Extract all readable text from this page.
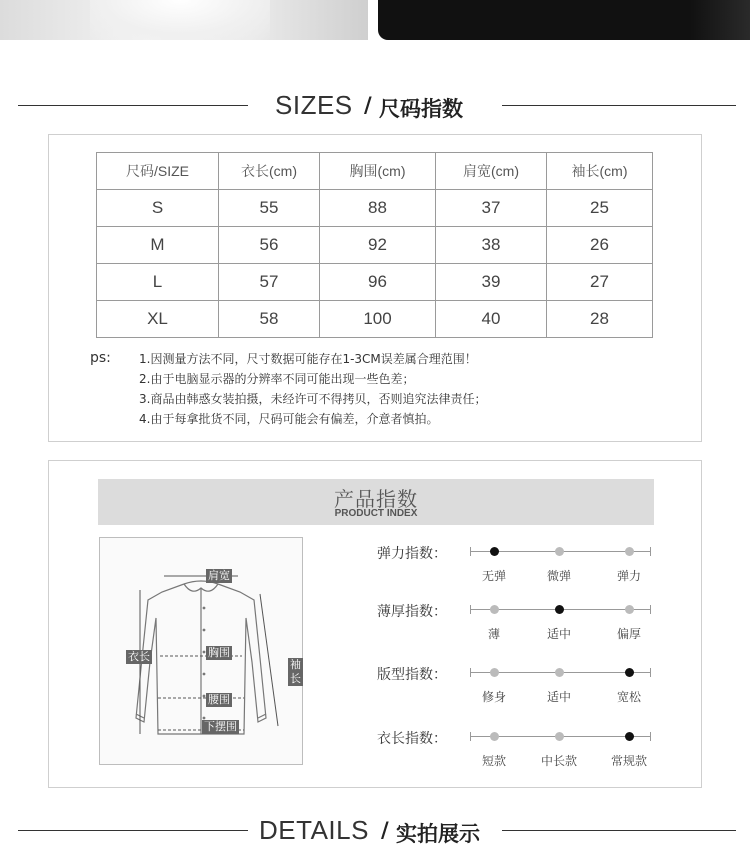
SIZES / 尺码指数
尺码/SIZE	衣长(cm)	胸围(cm)	肩宽(cm)	袖长(cm)
S	55	88	37	25
M	56	92	38	26
L	57	96	39	27
XL	58	100	40	28
ps: 1.因测量方法不同，尺寸数据可能存在1-3CM误差属合理范围！
2.由于电脑显示器的分辨率不同可能出现一些色差；
3.商品由韩惑女装拍摄，未经许可不得拷贝，否则追究法律责任；
4.由于每拿批货不同，尺码可能会有偏差，介意者慎拍。
产品指数
PRODUCT INDEX
肩宽
衣长	胸围
袖长
腰围
下摆围
弹力指数：
无弹	微弹	弹力
薄厚指数：
薄	适中	偏厚
版型指数：
修身	适中	宽松
衣长指数：
短款	中长款	常规款
DETAILS / 实拍展示
